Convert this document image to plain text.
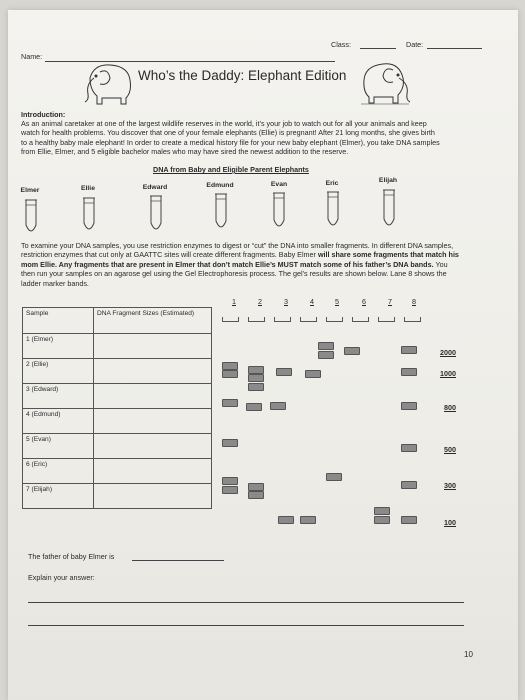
Class:	Date:
Name:
Who’s the Daddy: Elephant Edition
Introduction:
As an animal caretaker at one of the largest wildlife reserves in the world, it’s your job to watch out for all your animals and keep watch for health problems. You discover that one of your female elephants (Ellie) is pregnant! After 21 long months, she gives birth to a healthy baby male elephant! In order to create a medical history file for your new baby elephant (Elmer), you take DNA samples from Ellie, Elmer, and 5 eligible bachelor males who may have sired the newest addition to the reserve.
DNA from Baby and Eligible Parent Elephants
Elmer	Ellie	Edward	Edmund	Evan	Eric	Elijah
To examine your DNA samples, you use restriction enzymes to digest or “cut” the DNA into smaller fragments. In different DNA samples, restriction enzymes that cut only at GAATTC sites will create different fragments. Baby Elmer will share some fragments that match his mom Ellie. Any fragments that are present in Elmer that don’t match Ellie’s MUST match some of his father’s DNA bands. You then run your samples on an agarose gel using the Gel Electrophoresis process. The gel’s results are shown below. Lane 8 shows the ladder marker bands.
1	2	3	4	5	6	7	8
Sample	DNA Fragment Sizes (Estimated)
1 (Elmer)	
2 (Ellie)	
3 (Edward)	
4 (Edmund)	
5 (Evan)	
6 (Eric)	
7 (Elijah)	
2000
1000
800
500
300
100
The father of baby Elmer is
Explain your answer:
10
